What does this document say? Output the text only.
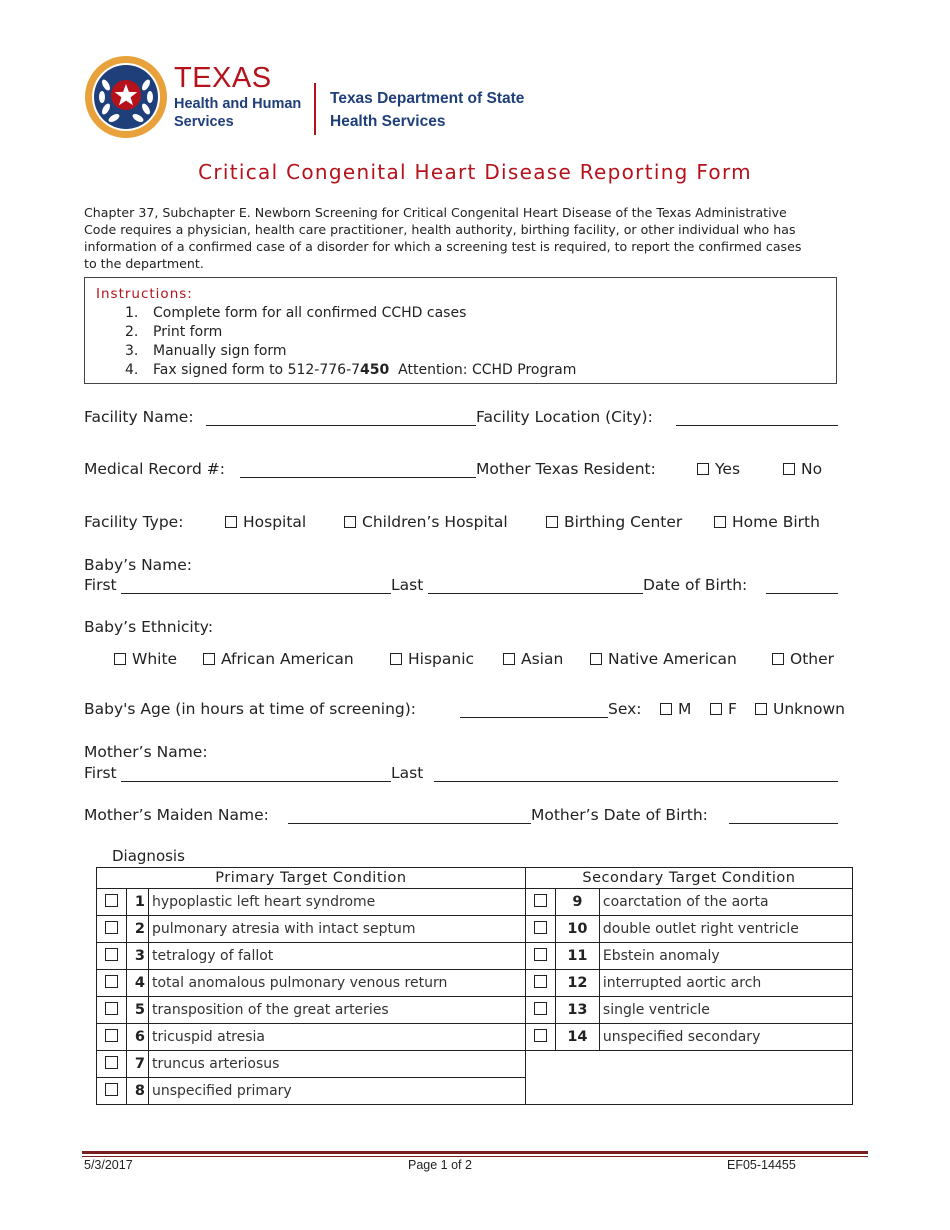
TEXAS
Health and Human
Services
Texas Department of State
Health Services
Critical Congenital Heart Disease Reporting Form
Chapter 37, Subchapter E. Newborn Screening for Critical Congenital Heart Disease of the Texas Administrative Code requires a physician, health care practitioner, health authority, birthing facility, or other individual who has information of a confirmed case of a disorder for which a screening test is required, to report the confirmed cases to the department.
Instructions:
1. Complete form for all confirmed CCHD cases
2. Print form
3. Manually sign form
4. Fax signed form to 512-776-7450 Attention: CCHD Program
Facility Name:	Facility Location (City):
Medical Record #:	Mother Texas Resident:	Yes	No
Facility Type:	Hospital	Children’s Hospital	Birthing Center	Home Birth
Baby’s Name:
First	Last	Date of Birth:
Baby’s Ethnicity:
White	African American	Hispanic	Asian	Native American	Other
Baby's Age (in hours at time of screening):	Sex:	M	F	Unknown
Mother’s Name:
First	Last
Mother’s Maiden Name:	Mother’s Date of Birth:
Diagnosis
Primary Target Condition			Secondary Target Condition		
	1	hypoplastic left heart syndrome		9	coarctation of the aorta
	2	pulmonary atresia with intact septum		10	double outlet right ventricle
	3	tetralogy of fallot		11	Ebstein anomaly
	4	total anomalous pulmonary venous return		12	interrupted aortic arch
	5	transposition of the great arteries		13	single ventricle
	6	tricuspid atresia		14	unspecified secondary
	7	truncus arteriosus			
	8	unspecified primary			
5/3/2017	Page 1 of 2	EF05-14455
